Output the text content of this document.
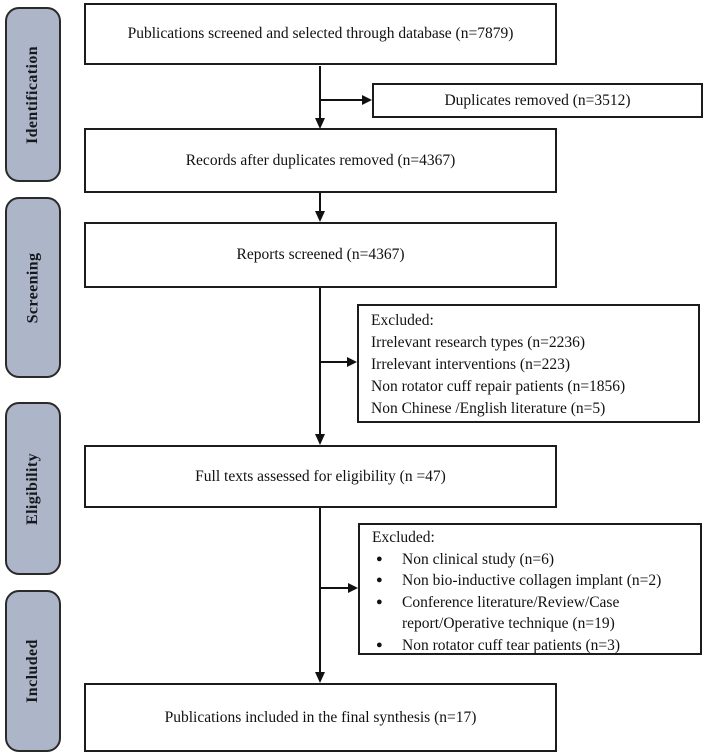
Identification
Screening
Eligibility
Included
Publications screened and selected through database (n=7879)
Duplicates removed (n=3512)
Records after duplicates removed (n=4367)
Reports screened (n=4367)
Excluded:
Irrelevant research types (n=2236)
Irrelevant interventions (n=223)
Non rotator cuff repair patients (n=1856)
Non Chinese /English literature (n=5)
Full texts assessed for eligibility (n =47)
Excluded:
●	Non clinical study (n=6)
●	Non bio-inductive collagen implant (n=2)
●	Conference literature/Review/Case report/Operative technique (n=19)
●	Non rotator cuff tear patients (n=3)
Publications included in the final synthesis (n=17)
